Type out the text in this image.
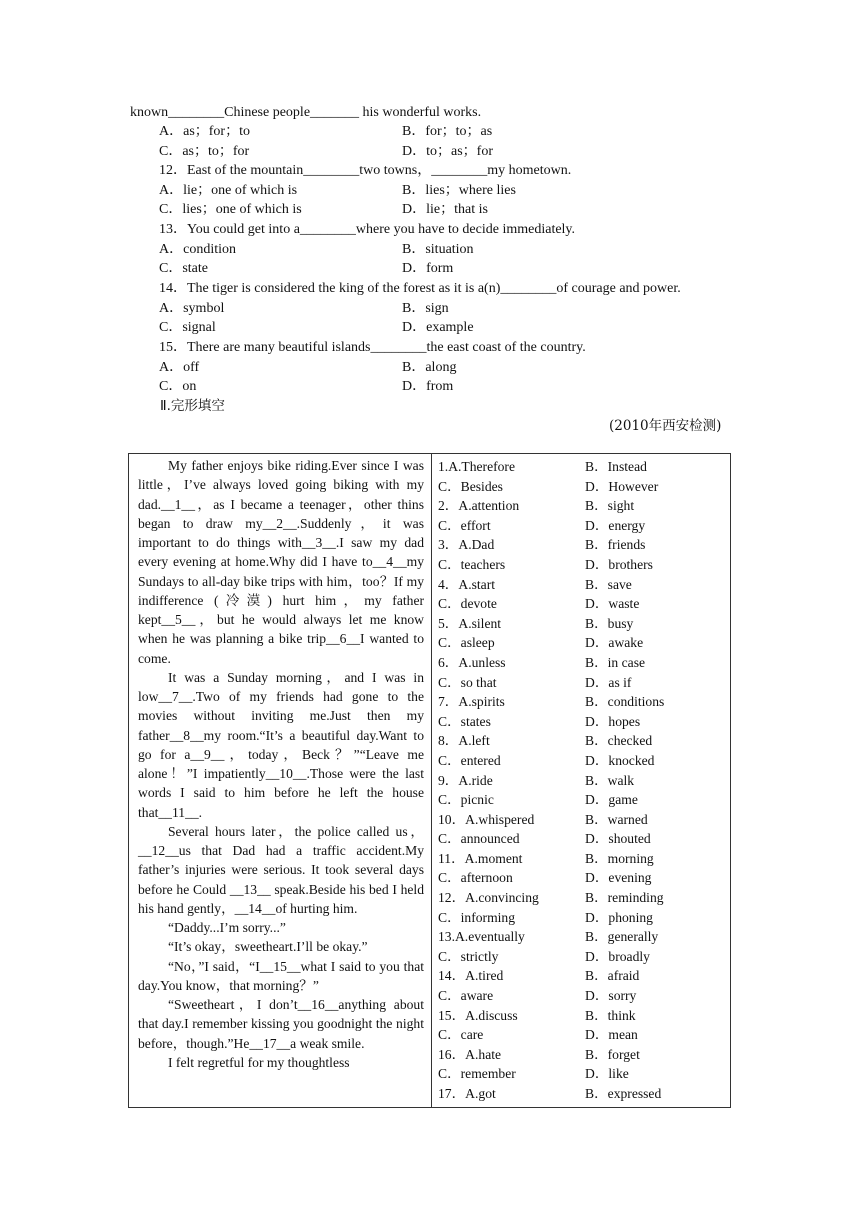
known________Chinese people_______ his wonderful works.
A．as；for；to	B．for；to；as
C．as；to；for	D．to；as；for
12．East of the mountain________two towns，________my hometown.
A．lie；one of which is	B．lies；where lies
C．lies；one of which is	D．lie；that is
13．You could get into a________where you have to decide immediately.
A．condition	B．situation
C．state	D．form
14．The tiger is considered the king of the forest as it is a(n)________of courage and power.
A．symbol	B．sign
C．signal	D．example
15．There are many beautiful islands________the east coast of the country.
A．off	B．along
C．on	D．from
Ⅱ.完形填空
(2010年西安检测)

My father enjoys bike riding.Ever since I was little，I’ve always loved going biking with my dad.__1__，as I became a teenager，other thins began to draw my__2__.Suddenly，it was important to do things with__3__.I saw my dad every evening at home.Why did I have to__4__my Sundays to all-day bike trips with him，too？If my indifference (冷漠) hurt him，my father kept__5__，but he would always let me know when he was planning a bike trip__6__I wanted to come.

It was a Sunday morning，and I was in low__7__.Two of my friends had gone to the movies without inviting me.Just then my father__8__my room.“It’s a beautiful day.Want to go for a__9__，today，Beck？”“Leave me alone！”I impatiently__10__.Those were the last words I said to him before he left the house that__11__.

Several hours later，the police called us，__12__us that Dad had a traffic accident.My father’s injuries were serious. It took several days before he Could __13__ speak.Beside his bed I held his hand gently，__14__of hurting him.

“Daddy...I’m sorry...”

“It’s okay，sweetheart.I’ll be okay.”

“No，”I said，“I__15__what I said to you that day.You know，that morning？”

“Sweetheart，I don’t__16__anything about that day.I remember kissing you goodnight the night before，though.”He__17__a weak smile.

I felt regretful for my thoughtless

1.A.Therefore	B．Instead
C．Besides	D．However
2．A.attention	B．sight
C．effort	D．energy
3．A.Dad	B．friends
C．teachers	D．brothers
4．A.start	B．save
C．devote	D．waste
5．A.silent	B．busy
C．asleep	D．awake
6．A.unless	B．in case
C．so that	D．as if
7．A.spirits	B．conditions
C．states	D．hopes
8．A.left	B．checked
C．entered	D．knocked
9．A.ride	B．walk
C．picnic	D．game
10．A.whispered	B．warned
C．announced	D．shouted
11．A.moment	B．morning
C．afternoon	D．evening
12．A.convincing	B．reminding
C．informing	D．phoning
13.A.eventually	B．generally
C．strictly	D．broadly
14．A.tired	B．afraid
C．aware	D．sorry
15．A.discuss	B．think
C．care	D．mean
16．A.hate	B．forget
C．remember	D．like
17．A.got	B．expressed
